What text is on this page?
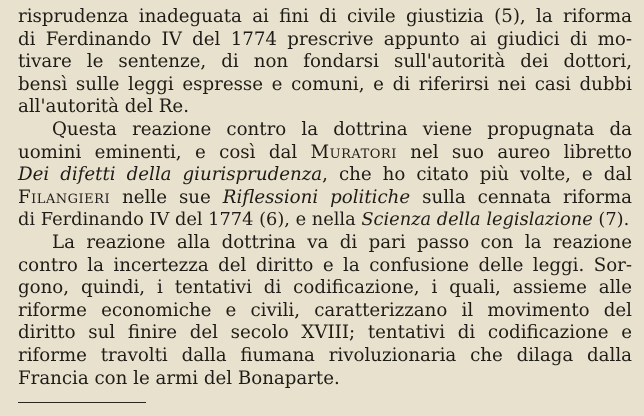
risprudenza inadeguata ai fini di civile giustizia (5), la riforma
di Ferdinando IV del 1774 prescrive appunto ai giudici di mo-
tivare le sentenze, di non fondarsi sull'autorità dei dottori,
bensì sulle leggi espresse e comuni, e di riferirsi nei casi dubbi
all'autorità del Re.
Questa reazione contro la dottrina viene propugnata da
uomini eminenti, e così dal Muratori nel suo aureo libretto
Dei difetti della giurisprudenza, che ho citato più volte, e dal
Filangieri nelle sue Riflessioni politiche sulla cennata riforma
di Ferdinando IV del 1774 (6), e nella Scienza della legislazione (7).
La reazione alla dottrina va di pari passo con la reazione
contro la incertezza del diritto e la confusione delle leggi. Sor-
gono, quindi, i tentativi di codificazione, i quali, assieme alle
riforme economiche e civili, caratterizzano il movimento del
diritto sul finire del secolo XVIII; tentativi di codificazione e
riforme travolti dalla fiumana rivoluzionaria che dilaga dalla
Francia con le armi del Bonaparte.
